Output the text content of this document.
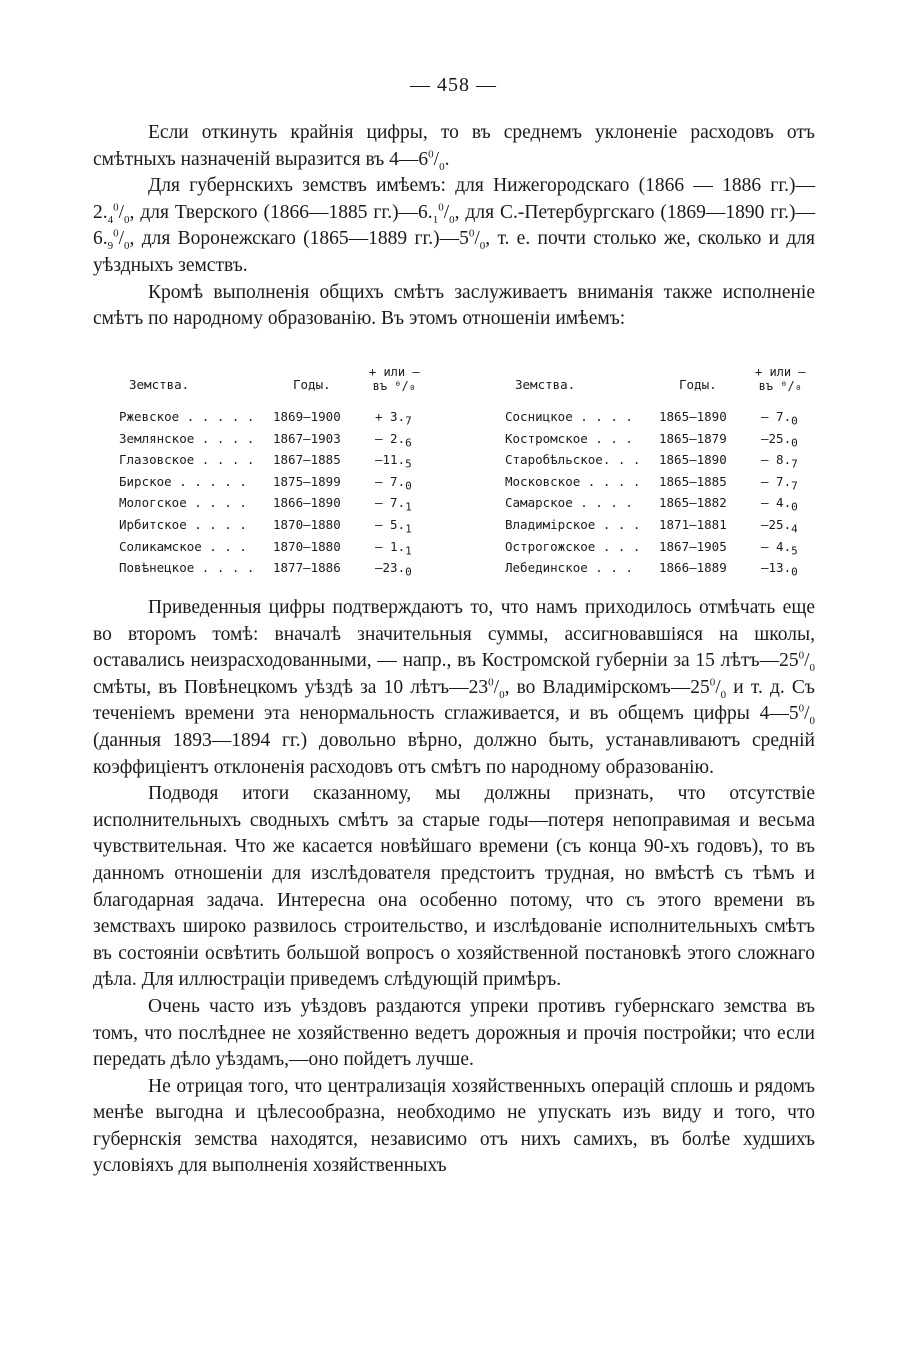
— 458 —

Если откинуть крайнія цифры, то въ среднемъ уклоненіе расходовъ отъ смѣтныхъ назначеній выразится въ $4—6^0/_0$.

Для губернскихъ земствъ имѣемъ: для Нижегородскаго (1866 — 1886 $гг.)—2._4^0/_0$, для Тверского (1866—1885 $гг.)—6._1^0/_0$, для С.-Петербургскаго (1869—1890 $гг.)—6._9^0/_0$, для Воронежскаго (1865—1889 $гг.)—5^0/_0$, т. е. почти столько же, сколько и для уѣздныхъ земствъ.

Кромѣ выполненія общихъ смѣтъ заслуживаетъ вниманія также исполненіе смѣтъ по народному образованію. Въ этомъ отношеніи имѣемъ:

Земства.	Годы.
+ или —
въ ⁰/₀
Ржевское . . . . . 1869—1900	+ $3._7$
Землянское . . . . 1867—1903	— $2._6$
Глазовское . . . . 1867—1885	$—11._5$
Бирское . . . . . 1875—1899	— $7._0$
Мологское . . . . 1866—1890	— $7._1$
Ирбитское . . . . 1870—1880	— $5._1$
Соликамское . . . 1870—1880	— $1._1$
Повѣнецкое . . . . 1877—1886	$—23._0$
Земства.	Годы.
+ или —
въ ⁰/₀
Сосницкое . . . . 1865—1890	— $7._0$
Костромское . . . 1865—1879	$—25._0$
Старобѣльское. . . 1865—1890	— $8._7$
Московское . . . . 1865—1885	— $7._7$
Самарское . . . . 1865—1882	— $4._0$
Владимірское . . . 1871—1881	$—25._4$
Острогожское . . . 1867—1905	— $4._5$
Лебединское . . . 1866—1889	$—13._0$

Приведенныя цифры подтверждаютъ то, что намъ приходилось отмѣчать еще во второмъ томѣ: вначалѣ значительныя суммы, ассигновавшіяся на школы, оставались неизрасходованными, — напр., въ Костромской губерніи за 15 $лѣтъ—25^0/_0$ смѣты, въ Повѣнецкомъ уѣздѣ за 10 $лѣтъ—23^0/_0$, во $Владимірскомъ—25^0/_0$ и т. д. Съ теченіемъ времени эта ненормальность сглаживается, и въ общемъ цифры $4—5^0/_0$ (данныя 1893—1894 гг.) довольно вѣрно, должно быть, устанавливаютъ средній коэффиціентъ отклоненія расходовъ отъ смѣтъ по народному образованію.

Подводя итоги сказанному, мы должны признать, что отсутствіе исполнительныхъ сводныхъ смѣтъ за старые годы—потеря непоправимая и весьма чувствительная. Что же касается новѣйшаго времени (съ конца 90-хъ годовъ), то въ данномъ отношеніи для изслѣдователя предстоитъ трудная, но вмѣстѣ съ тѣмъ и благодарная задача. Интересна она особенно потому, что съ этого времени въ земствахъ широко развилось строительство, и изслѣдованіе исполнительныхъ смѣтъ въ состояніи освѣтить большой вопросъ о хозяйственной постановкѣ этого сложнаго дѣла. Для иллюстраціи приведемъ слѣдующій примѣръ.

Очень часто изъ уѣздовъ раздаются упреки противъ губернскаго земства въ томъ, что послѣднее не хозяйственно ведетъ дорожныя и прочія постройки; что если передать дѣло уѣздамъ,—оно пойдетъ лучше.

Не отрицая того, что централизація хозяйственныхъ операцій сплошь и рядомъ менѣе выгодна и цѣлесообразна, необходимо не упускать изъ виду и того, что губернскія земства находятся, независимо отъ нихъ самихъ, въ болѣе худшихъ условіяхъ для выполненія хозяйственныхъ
